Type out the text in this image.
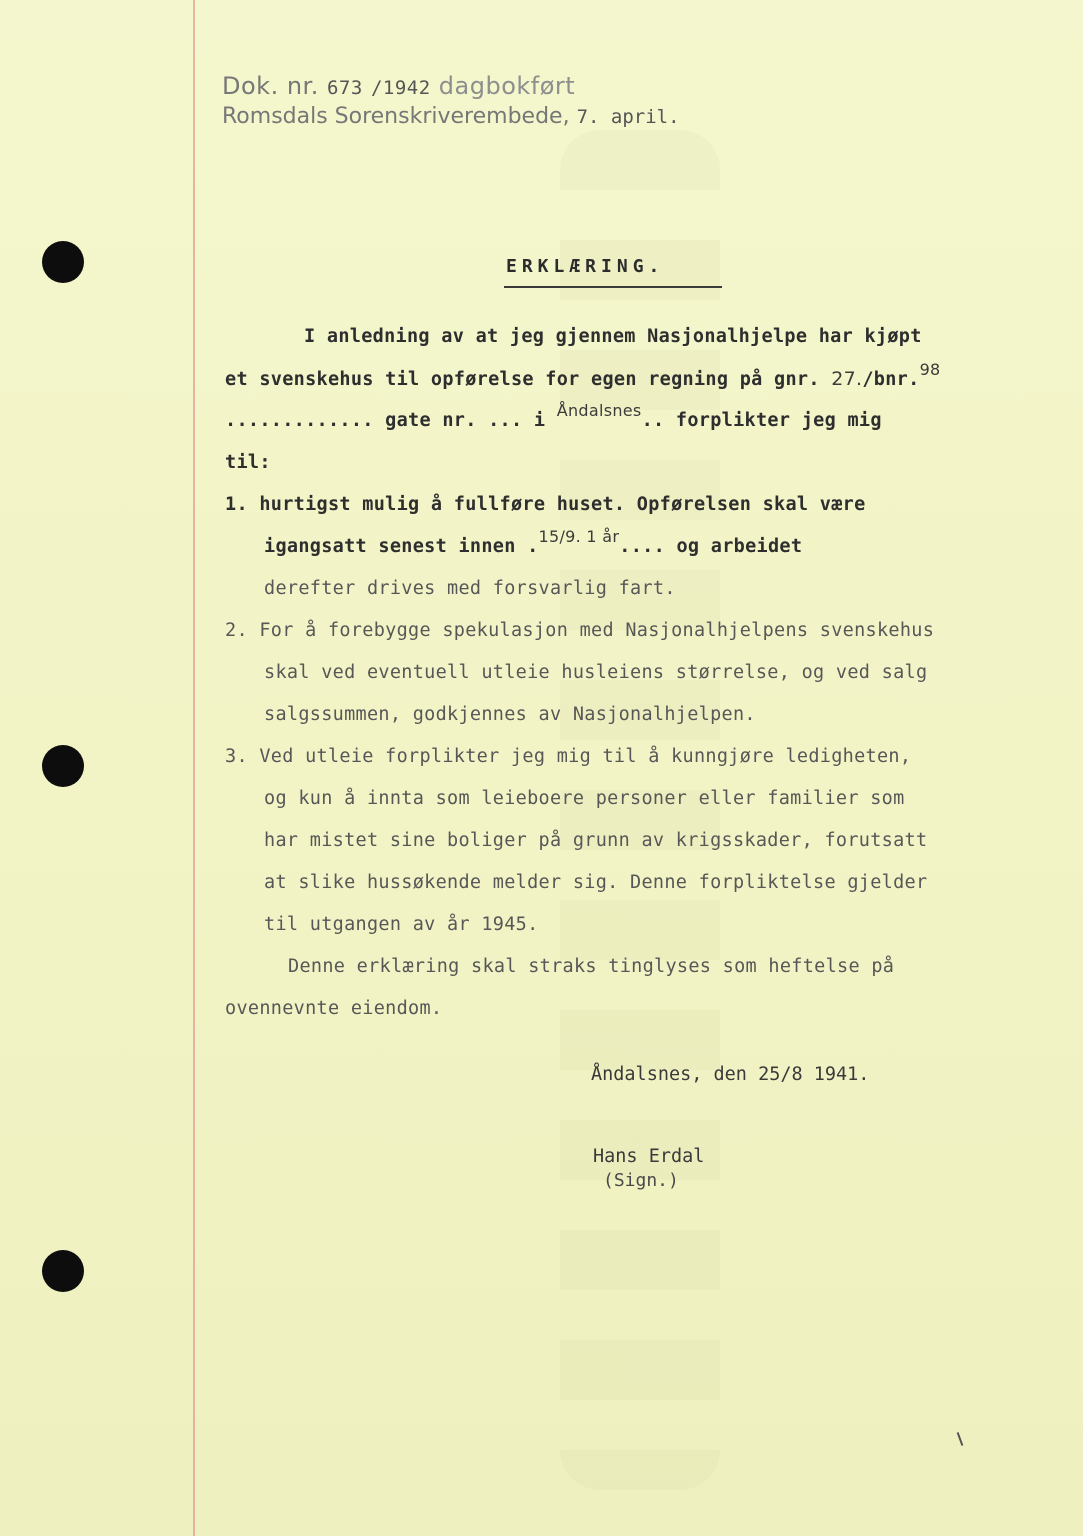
Dok. nr. 673 /1942 dagbokført
Romsdals Sorenskriverembede, 7. april.
ERKLÆRING.
I anledning av at jeg gjennem Nasjonalhjelpe har kjøpt
et svenskehus til opførelse for egen regning på gnr. 27./bnr.98
............. gate nr. ... i Åndalsnes.. forplikter jeg mig
til:
1. hurtigst mulig å fullføre huset. Opførelsen skal være
igangsatt senest innen .15/9. 1 år.... og arbeidet
derefter drives med forsvarlig fart.
2. For å forebygge spekulasjon med Nasjonalhjelpens svenskehus
skal ved eventuell utleie husleiens størrelse, og ved salg
salgssummen, godkjennes av Nasjonalhjelpen.
3. Ved utleie forplikter jeg mig til å kunngjøre ledigheten,
og kun å innta som leieboere personer eller familier som
har mistet sine boliger på grunn av krigsskader, forutsatt
at slike hussøkende melder sig. Denne forpliktelse gjelder
til utgangen av år 1945.
Denne erklæring skal straks tinglyses som heftelse på
ovennevnte eiendom.
Åndalsnes, den 25/8 1941.
Hans Erdal
(Sign.)
